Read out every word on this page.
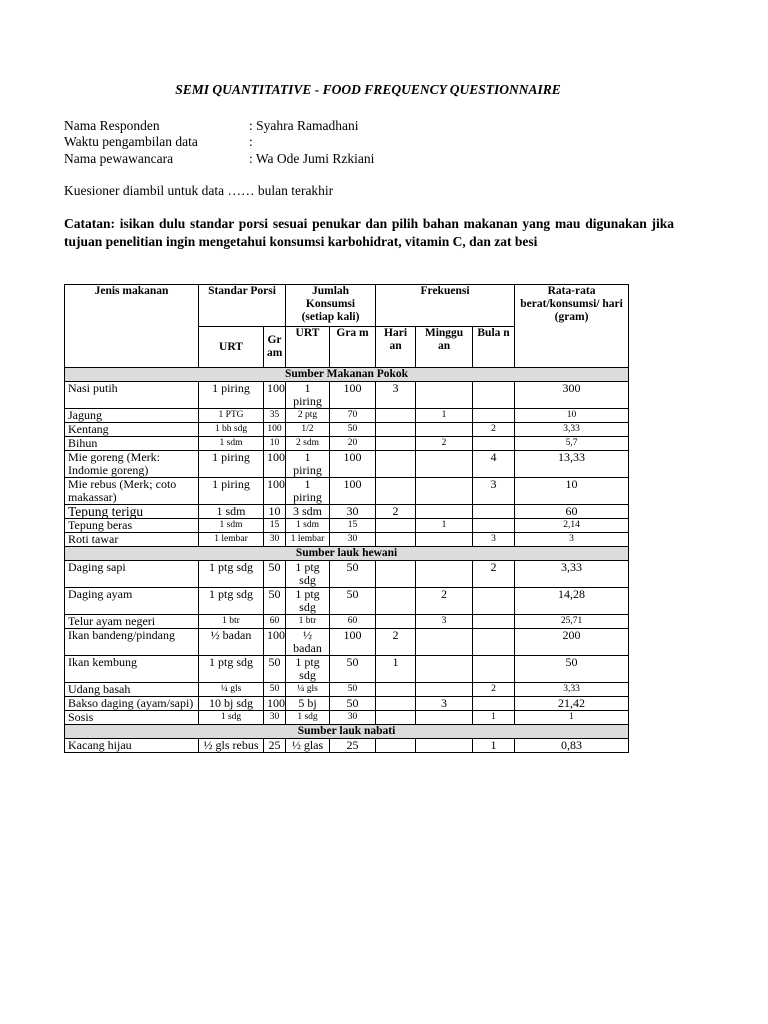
SEMI QUANTITATIVE - FOOD FREQUENCY QUESTIONNAIRE
Nama Responden	: Syahra Ramadhani
Waktu pengambilan data	:
Nama pewawancara	: Wa Ode Jumi Rzkiani
Kuesioner diambil untuk data …… bulan terakhir
Catatan: isikan dulu standar porsi sesuai penukar dan pilih bahan makanan yang mau digunakan jika tujuan penelitian ingin mengetahui konsumsi karbohidrat, vitamin C, dan zat besi
Jenis makanan	Standar Porsi		Jumlah Konsumsi (setiap kali)		Frekuensi			Rata-rata berat/konsumsi/ hari (gram)
	URT	Gr am	URT	Gra m	Hari an	Minggu an	Bula n	
Sumber Makanan Pokok								
Nasi putih	1 piring	100	1 piring	100	3			300
Jagung	1 PTG	35	2 ptg	70		1		10
Kentang	1 bh sdg	100	1/2	50			2	3,33
Bihun	1 sdm	10	2 sdm	20		2		5,7
Mie goreng (Merk: Indomie goreng)	1 piring	100	1 piring	100			4	13,33
Mie rebus (Merk; coto makassar)	1 piring	100	1 piring	100			3	10
Tepung terigu	1 sdm	10	3 sdm	30	2			60
Tepung beras	1 sdm	15	1 sdm	15		1		2,14
Roti tawar	1 lembar	30	1 lembar	30			3	3
Sumber lauk hewani								
Daging sapi	1 ptg sdg	50	1 ptg sdg	50			2	3,33
Daging ayam	1 ptg sdg	50	1 ptg sdg	50		2		14,28
Telur ayam negeri	1 btr	60	1 btr	60		3		25,71
Ikan bandeng/pindang	½ badan	100	½ badan	100	2			200
Ikan kembung	1 ptg sdg	50	1 ptg sdg	50	1			50
Udang basah	¼ gls	50	¼ gls	50			2	3,33
Bakso daging (ayam/sapi)	10 bj sdg	100	5 bj	50		3		21,42
Sosis	1 sdg	30	1 sdg	30			1	1
Sumber lauk nabati								
Kacang hijau	½ gls rebus	25	½ glas	25			1	0,83
